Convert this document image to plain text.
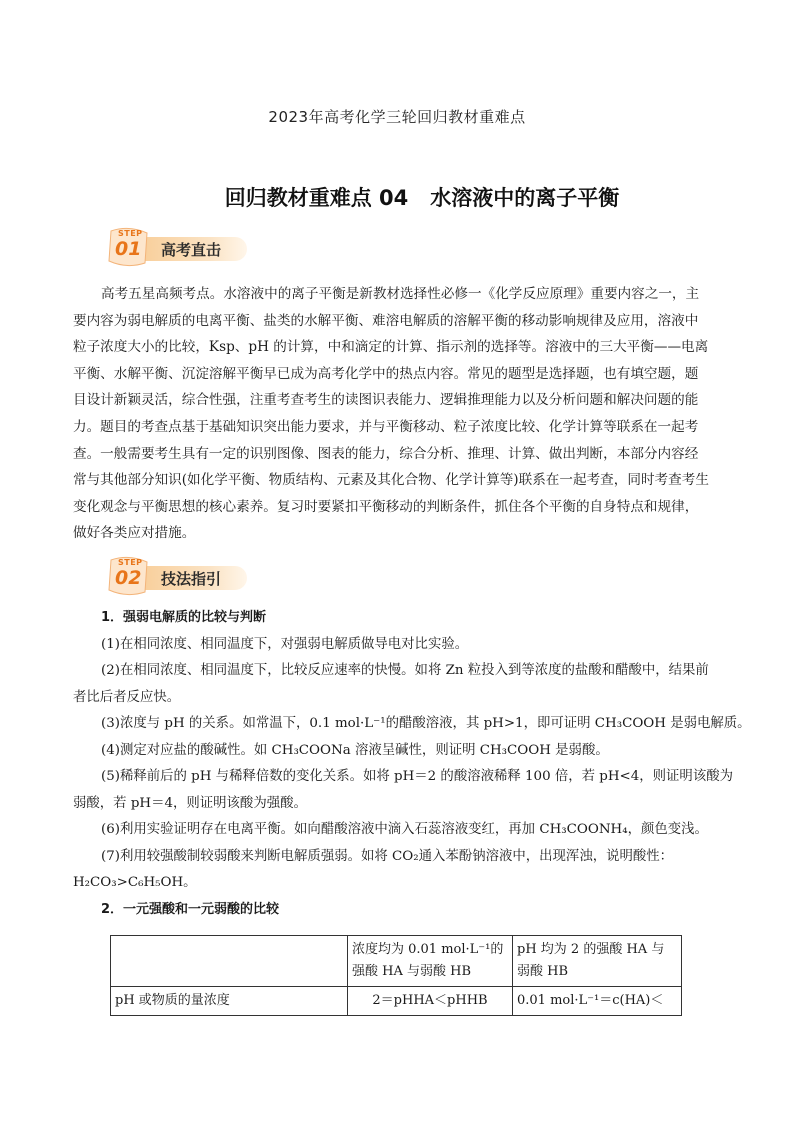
2023年高考化学三轮回归教材重难点
回归教材重难点 04 水溶液中的离子平衡
STEP
01 高考直击
高考五星高频考点。水溶液中的离子平衡是新教材选择性必修一《化学反应原理》重要内容之一，主
要内容为弱电解质的电离平衡、盐类的水解平衡、难溶电解质的溶解平衡的移动影响规律及应用，溶液中
粒子浓度大小的比较，Ksp、pH 的计算，中和滴定的计算、指示剂的选择等。溶液中的三大平衡——电离
平衡、水解平衡、沉淀溶解平衡早已成为高考化学中的热点内容。常见的题型是选择题，也有填空题，题
目设计新颖灵活，综合性强，注重考查考生的读图识表能力、逻辑推理能力以及分析问题和解决问题的能
力。题目的考查点基于基础知识突出能力要求，并与平衡移动、粒子浓度比较、化学计算等联系在一起考
查。一般需要考生具有一定的识别图像、图表的能力，综合分析、推理、计算、做出判断，本部分内容经
常与其他部分知识(如化学平衡、物质结构、元素及其化合物、化学计算等)联系在一起考查，同时考查考生
变化观念与平衡思想的核心素养。复习时要紧扣平衡移动的判断条件，抓住各个平衡的自身特点和规律，
做好各类应对措施。
STEP
02 技法指引
1．强弱电解质的比较与判断
(1)在相同浓度、相同温度下，对强弱电解质做导电对比实验。
(2)在相同浓度、相同温度下，比较反应速率的快慢。如将 Zn 粒投入到等浓度的盐酸和醋酸中，结果前
者比后者反应快。
(3)浓度与 pH 的关系。如常温下，0.1 mol·L⁻¹的醋酸溶液，其 pH>1，即可证明 CH₃COOH 是弱电解质。
(4)测定对应盐的酸碱性。如 CH₃COONa 溶液呈碱性，则证明 CH₃COOH 是弱酸。
(5)稀释前后的 pH 与稀释倍数的变化关系。如将 pH＝2 的酸溶液稀释 100 倍，若 pH<4，则证明该酸为
弱酸，若 pH＝4，则证明该酸为强酸。
(6)利用实验证明存在电离平衡。如向醋酸溶液中滴入石蕊溶液变红，再加 CH₃COONH₄，颜色变浅。
(7)利用较强酸制较弱酸来判断电解质强弱。如将 CO₂通入苯酚钠溶液中，出现浑浊，说明酸性：
H₂CO₃>C₆H₅OH。
2．一元强酸和一元弱酸的比较
	浓度均为 0.01 mol·L⁻¹的强酸 HA 与弱酸 HB	pH 均为 2 的强酸 HA 与弱酸 HB
pH 或物质的量浓度	2＝pHHA＜pHHB	0.01 mol·L⁻¹＝c(HA)＜
